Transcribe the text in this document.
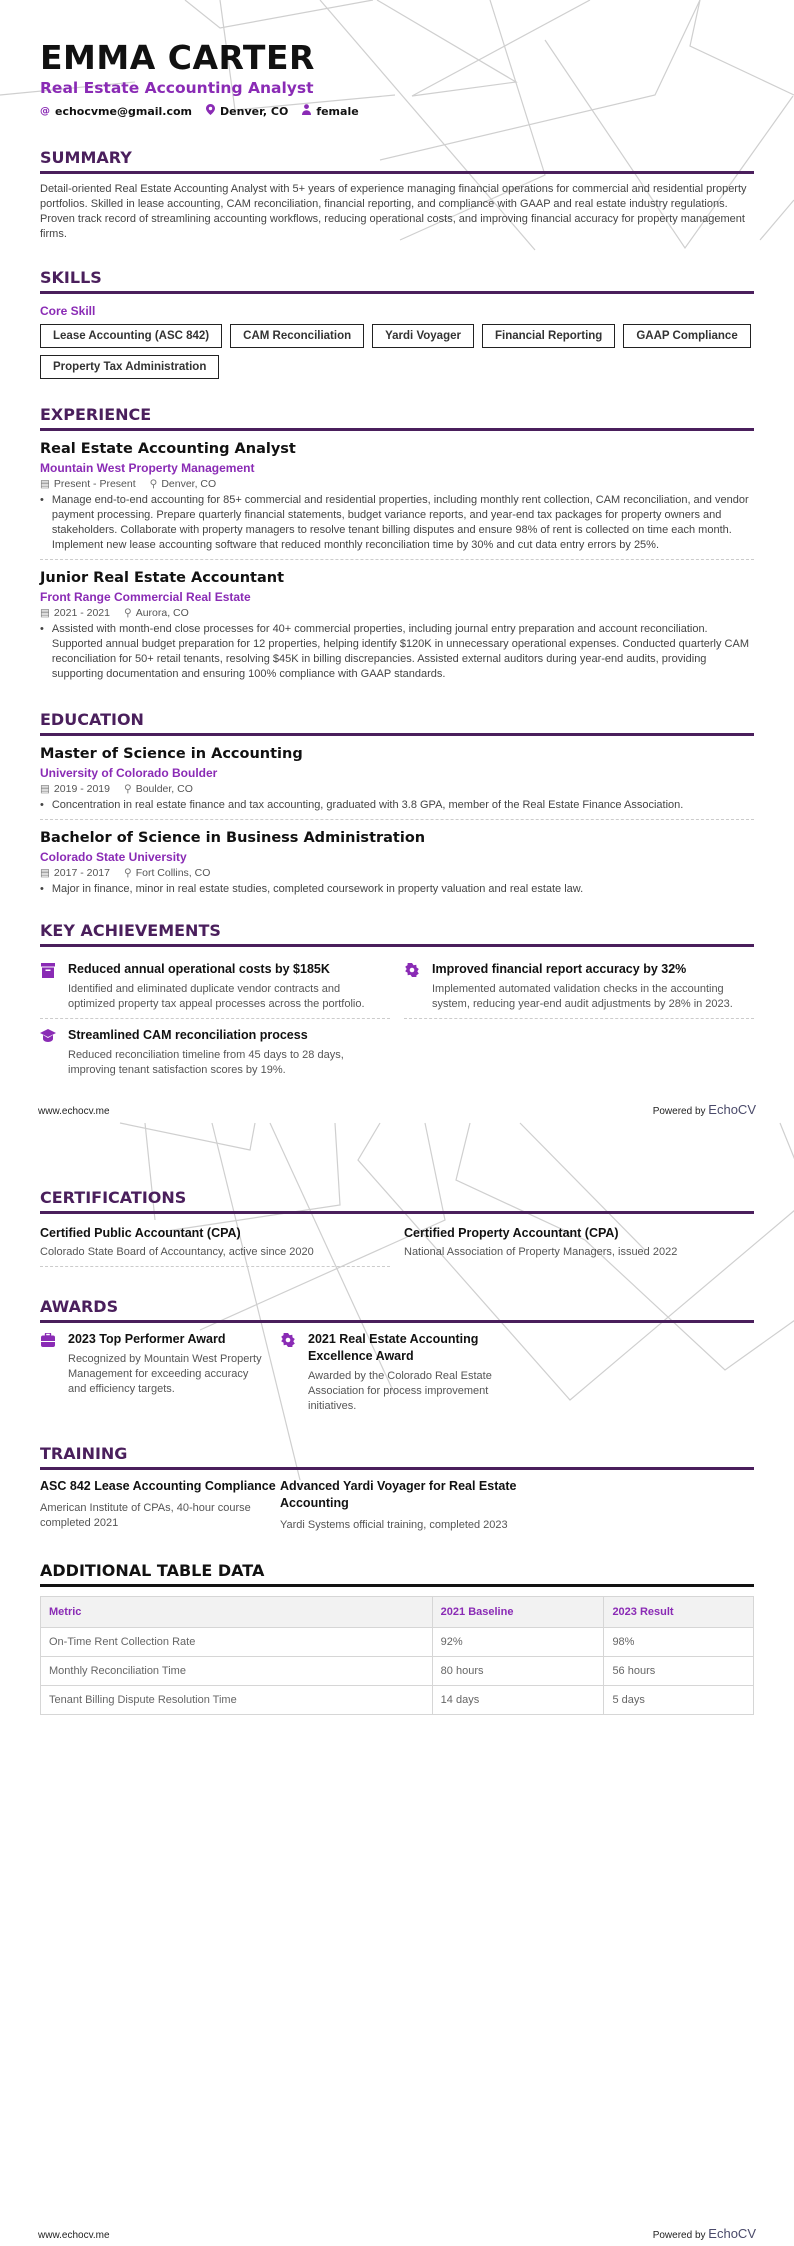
EMMA CARTER
Real Estate Accounting Analyst
@ echocvme@gmail.com	Denver, CO	female
SUMMARY

Detail-oriented Real Estate Accounting Analyst with 5+ years of experience managing financial operations for commercial and residential property portfolios. Skilled in lease accounting, CAM reconciliation, financial reporting, and compliance with GAAP and real estate industry regulations. Proven track record of streamlining accounting workflows, reducing operational costs, and improving financial accuracy for property management firms.

SKILLS
Core Skill
Lease Accounting (ASC 842)	CAM Reconciliation	Yardi Voyager	Financial Reporting	GAAP Compliance
Property Tax Administration
EXPERIENCE
Real Estate Accounting Analyst
Mountain West Property Management
▤ Present - Present ⚲ Denver, CO
• Manage end-to-end accounting for 85+ commercial and residential properties, including monthly rent collection, CAM reconciliation, and vendor payment processing. Prepare quarterly financial statements, budget variance reports, and year-end tax packages for property owners and stakeholders. Collaborate with property managers to resolve tenant billing disputes and ensure 98% of rent is collected on time each month. Implement new lease accounting software that reduced monthly reconciliation time by 30% and cut data entry errors by 25%.
Junior Real Estate Accountant
Front Range Commercial Real Estate
▤ 2021 - 2021 ⚲ Aurora, CO
• Assisted with month-end close processes for 40+ commercial properties, including journal entry preparation and account reconciliation. Supported annual budget preparation for 12 properties, helping identify $120K in unnecessary operational expenses. Conducted quarterly CAM reconciliation for 50+ retail tenants, resolving $45K in billing discrepancies. Assisted external auditors during year-end audits, providing supporting documentation and ensuring 100% compliance with GAAP standards.
EDUCATION
Master of Science in Accounting
University of Colorado Boulder
▤ 2019 - 2019 ⚲ Boulder, CO
• Concentration in real estate finance and tax accounting, graduated with 3.8 GPA, member of the Real Estate Finance Association.
Bachelor of Science in Business Administration
Colorado State University
▤ 2017 - 2017 ⚲ Fort Collins, CO
• Major in finance, minor in real estate studies, completed coursework in property valuation and real estate law.
KEY ACHIEVEMENTS
Reduced annual operational costs by $185K
Identified and eliminated duplicate vendor contracts and optimized property tax appeal processes across the portfolio.
Improved financial report accuracy by 32%
Implemented automated validation checks in the accounting system, reducing year-end audit adjustments by 28% in 2023.
Streamlined CAM reconciliation process
Reduced reconciliation timeline from 45 days to 28 days, improving tenant satisfaction scores by 19%.
www.echocv.me	Powered by EchoCV
CERTIFICATIONS
Certified Public Accountant (CPA)
Colorado State Board of Accountancy, active since 2020
Certified Property Accountant (CPA)
National Association of Property Managers, issued 2022
AWARDS
2023 Top Performer Award
Recognized by Mountain West Property Management for exceeding accuracy and efficiency targets.
2021 Real Estate Accounting Excellence Award
Awarded by the Colorado Real Estate Association for process improvement initiatives.
TRAINING
ASC 842 Lease Accounting Compliance
American Institute of CPAs, 40-hour course completed 2021
Advanced Yardi Voyager for Real Estate Accounting
Yardi Systems official training, completed 2023
ADDITIONAL TABLE DATA
Metric	2021 Baseline	2023 Result
On-Time Rent Collection Rate	92%	98%
Monthly Reconciliation Time	80 hours	56 hours
Tenant Billing Dispute Resolution Time	14 days	5 days
www.echocv.me	Powered by EchoCV
